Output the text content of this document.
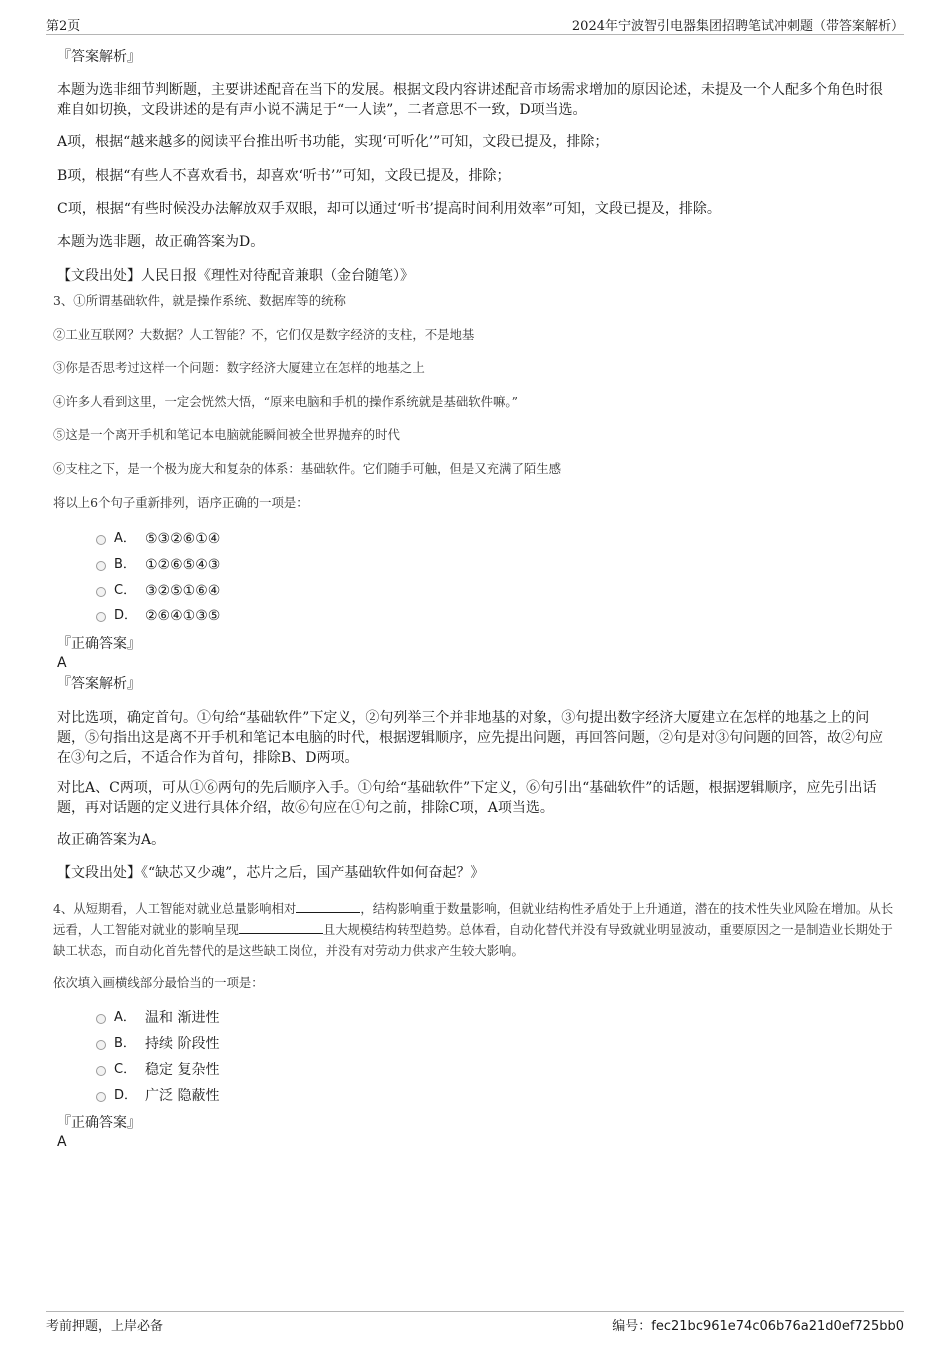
第2页	2024年宁波智引电器集团招聘笔试冲刺题（带答案解析）
『答案解析』
本题为选非细节判断题，主要讲述配音在当下的发展。根据文段内容讲述配音市场需求增加的原因论述，未提及一个人配多个角色时很难自如切换，文段讲述的是有声小说不满足于“一人读”，二者意思不一致，D项当选。
A项，根据“越来越多的阅读平台推出听书功能，实现‘可听化’”可知，文段已提及，排除；
B项，根据“有些人不喜欢看书，却喜欢‘听书’”可知，文段已提及，排除；
C项，根据“有些时候没办法解放双手双眼，却可以通过‘听书’提高时间利用效率”可知，文段已提及，排除。
本题为选非题，故正确答案为D。
【文段出处】人民日报《理性对待配音兼职（金台随笔）》
3、①所谓基础软件，就是操作系统、数据库等的统称
②工业互联网？大数据？人工智能？不，它们仅是数字经济的支柱，不是地基
③你是否思考过这样一个问题：数字经济大厦建立在怎样的地基之上
④许多人看到这里，一定会恍然大悟，“原来电脑和手机的操作系统就是基础软件嘛。”
⑤这是一个离开手机和笔记本电脑就能瞬间被全世界抛弃的时代
⑥支柱之下，是一个极为庞大和复杂的体系：基础软件。它们随手可触，但是又充满了陌生感
将以上6个句子重新排列，语序正确的一项是：
A． ⑤③②⑥①④
B． ①②⑥⑤④③
C． ③②⑤①⑥④
D． ②⑥④①③⑤
『正确答案』
A
『答案解析』
对比选项，确定首句。①句给“基础软件”下定义，②句列举三个并非地基的对象，③句提出数字经济大厦建立在怎样的地基之上的问题，⑤句指出这是离不开手机和笔记本电脑的时代，根据逻辑顺序，应先提出问题，再回答问题，②句是对③句问题的回答，故②句应在③句之后，不适合作为首句，排除B、D两项。
对比A、C两项，可从①⑥两句的先后顺序入手。①句给“基础软件”下定义，⑥句引出“基础软件”的话题，根据逻辑顺序，应先引出话题，再对话题的定义进行具体介绍，故⑥句应在①句之前，排除C项，A项当选。
故正确答案为A。
【文段出处】《“缺芯又少魂”，芯片之后，国产基础软件如何奋起？》
4、从短期看，人工智能对就业总量影响相对	，结构影响重于数量影响，但就业结构性矛盾处于上升通道，潜在的技术性失业风险在增加。从长远看，人工智能对就业的影响呈现	且大规模结构转型趋势。总体看，自动化替代并没有导致就业明显波动，重要原因之一是制造业长期处于缺工状态，而自动化首先替代的是这些缺工岗位，并没有对劳动力供求产生较大影响。
依次填入画横线部分最恰当的一项是：
A． 温和 渐进性
B． 持续 阶段性
C． 稳定 复杂性
D． 广泛 隐蔽性
『正确答案』
A
考前押题，上岸必备	编号：fec21bc961e74c06b76a21d0ef725bb0
